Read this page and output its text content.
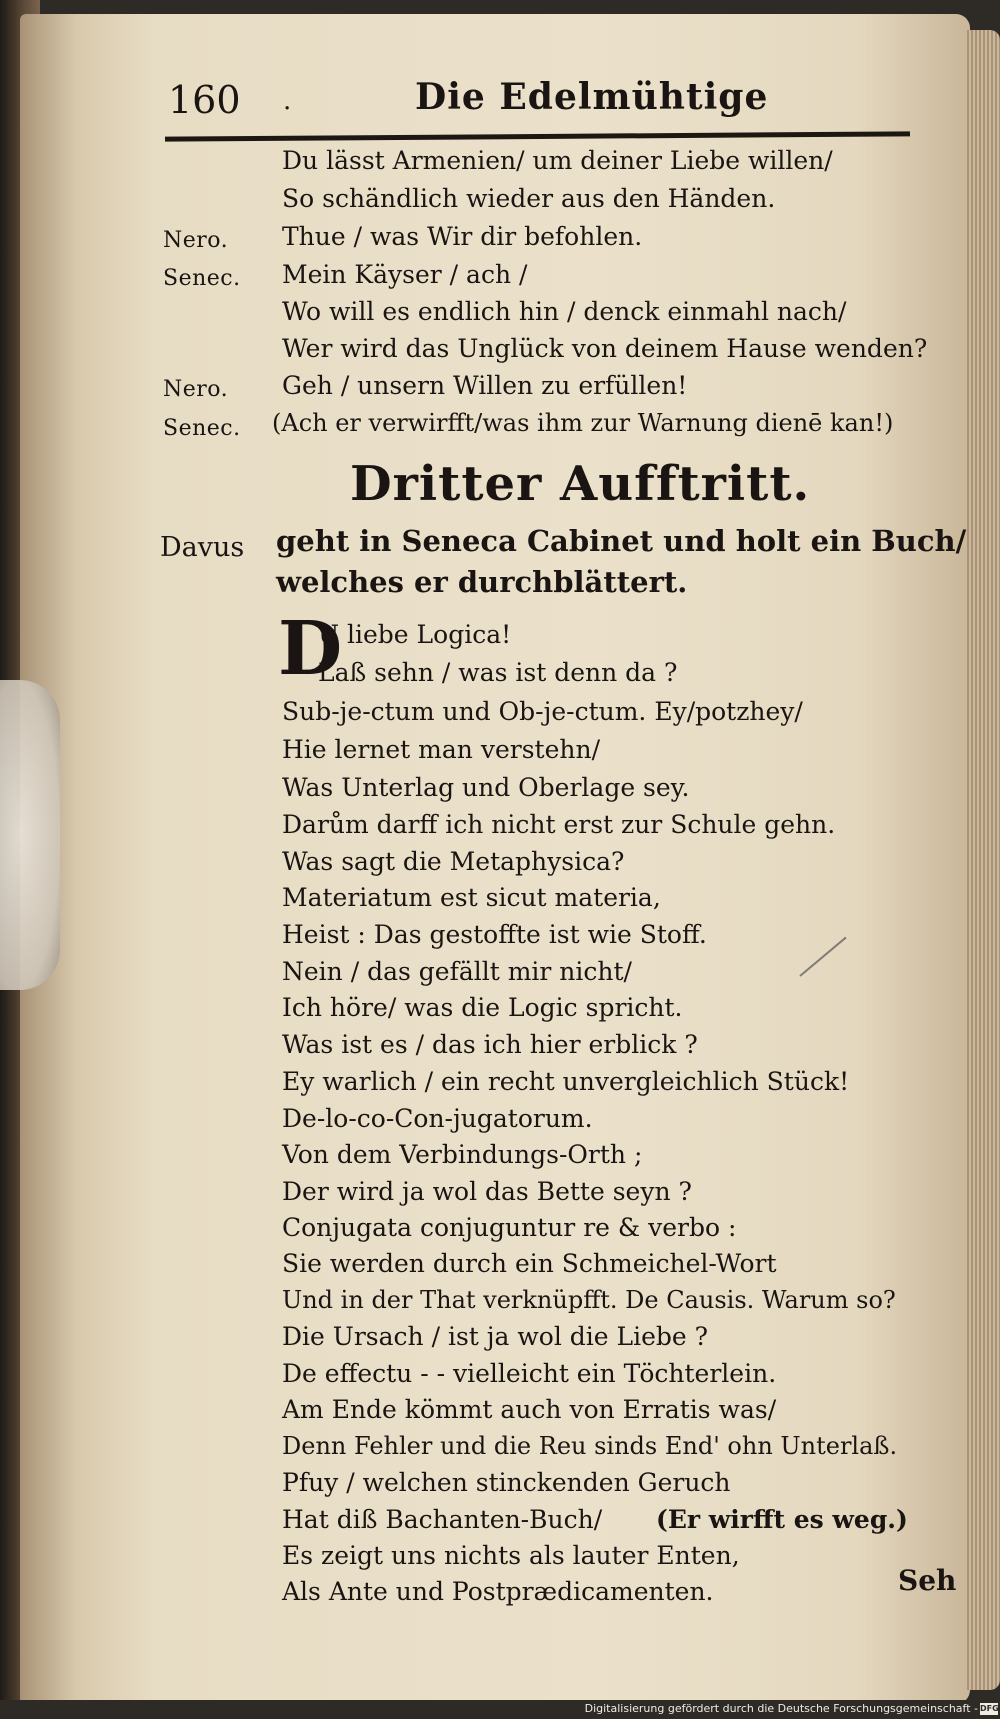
160 .	Die Edelmühtige
Du lässt Armenien/ um deiner Liebe willen/
So schändlich wieder aus den Händen.
Nero. Thue / was Wir dir befohlen.
Senec. Mein Käyser / ach /
Wo will es endlich hin / denck einmahl nach/
Wer wird das Unglück von deinem Hause wenden?
Nero. Geh / unsern Willen zu erfüllen!
Senec. (Ach er verwirfft/was ihm zur Warnung dienē kan!)
Dritter Aufftritt.
Davus geht in Seneca Cabinet und holt ein Buch/
welches er durchblättert.
D
U liebe Logica!
Laß sehn / was ist denn da ?
Sub-je-ctum und Ob-je-ctum. Ey/potzhey/
Hie lernet man verstehn/
Was Unterlag und Oberlage sey.
Darům darff ich nicht erst zur Schule gehn.
Was sagt die Metaphysica?
Materiatum est sicut materia,
Heist : Das gestoffte ist wie Stoff.
Nein / das gefällt mir nicht/
Ich höre/ was die Logic spricht.
Was ist es / das ich hier erblick ?
Ey warlich / ein recht unvergleichlich Stück!
De-lo-co-Con-jugatorum.
Von dem Verbindungs-Orth ;
Der wird ja wol das Bette seyn ?
Conjugata conjuguntur re & verbo :
Sie werden durch ein Schmeichel-Wort
Und in der That verknüpfft. De Causis. Warum so?
Die Ursach / ist ja wol die Liebe ?
De effectu - - vielleicht ein Töchterlein.
Am Ende kömmt auch von Erratis was/
Denn Fehler und die Reu sinds End' ohn Unterlaß.
Pfuy / welchen stinckenden Geruch
Hat diß Bachanten-Buch/ (Er wirfft es weg.)
Es zeigt uns nichts als lauter Enten,
Als Ante und Postprædicamenten.	Seh
Digitalisierung gefördert durch die Deutsche Forschungsgemeinschaft - DFG
